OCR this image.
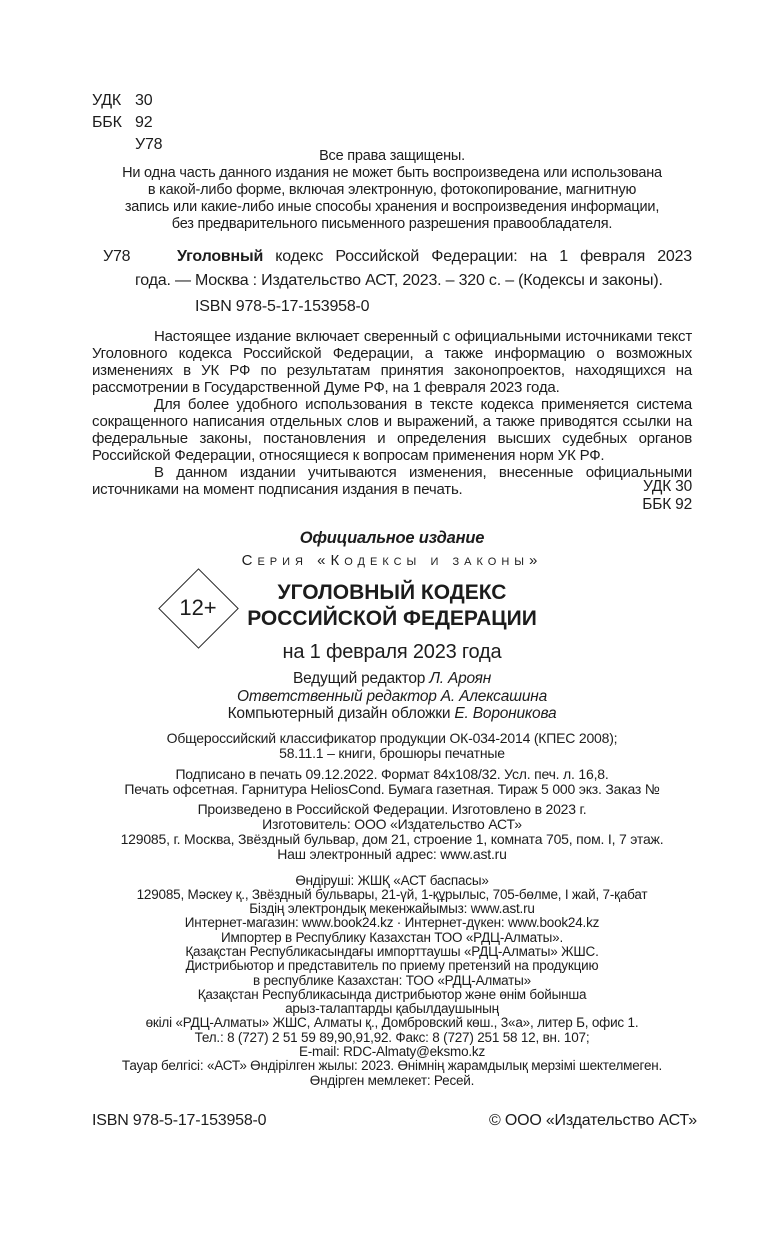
УДК 30
ББК 92
У78
Все права защищены.
Ни одна часть данного издания не может быть воспроизведена или использована
в какой-либо форме, включая электронную, фотокопирование, магнитную
запись или какие-либо иные способы хранения и воспроизведения информации,
без предварительного письменного разрешения правообладателя.
У78	Уголовный кодекс Российской Федерации: на 1 февраля 2023
года. — Москва : Издательство АСТ, 2023. – 320 с. – (Кодексы и законы).
ISBN 978-5-17-153958-0

Настоящее издание включает сверенный с официальными источниками текст Уголовного кодекса Российской Федерации, а также информацию о возможных изменениях в УК РФ по результатам принятия законопроектов, находящихся на рассмотрении в Государственной Думе РФ, на 1 февраля 2023 года.

Для более удобного использования в тексте кодекса применяется система сокращенного написания отдельных слов и выражений, а также приводятся ссылки на федеральные законы, постановления и определения высших судебных органов Российской Федерации, относящиеся к вопросам применения норм УК РФ.

В данном издании учитываются изменения, внесенные официальными источниками на момент подписания издания в печать.	УДК 30
ББК 92
Официальное издание
Серия «Кодексы и законы»
УГОЛОВНЫЙ КОДЕКС
РОССИЙСКОЙ ФЕДЕРАЦИИ
на 1 февраля 2023 года
12+
Ведущий редактор Л. Ароян
Ответственный редактор А. Алексашина
Компьютерный дизайн обложки Е. Вороникова
Общероссийский классификатор продукции ОК-034-2014 (КПЕС 2008);
58.11.1 – книги, брошюры печатные
Подписано в печать 09.12.2022. Формат 84х108/32. Усл. печ. л. 16,8.
Печать офсетная. Гарнитура HeliosCond. Бумага газетная. Тираж 5 000 экз. Заказ №
Произведено в Российской Федерации. Изготовлено в 2023 г.
Изготовитель: ООО «Издательство АСТ»
129085, г. Москва, Звёздный бульвар, дом 21, строение 1, комната 705, пом. I, 7 этаж.
Наш электронный адрес: www.ast.ru
Өндіруші: ЖШҚ «АСТ баспасы»
129085, Мәскеу қ., Звёздный бульвары, 21-үй, 1-құрылыс, 705-бөлме, I жай, 7-қабат
Біздің электрондық мекенжайымыз: www.ast.ru
Интернет-магазин: www.book24.kz · Интернет-дүкен: www.book24.kz
Импортер в Республику Казахстан ТОО «РДЦ-Алматы».
Қазақстан Республикасындағы импорттаушы «РДЦ-Алматы» ЖШС.
Дистрибьютор и представитель по приему претензий на продукцию
в республике Казахстан: ТОО «РДЦ-Алматы»
Қазақстан Республикасында дистрибьютор және өнім бойынша
арыз-талаптарды қабылдаушының
өкілі «РДЦ-Алматы» ЖШС, Алматы қ., Домбровский көш., 3«а», литер Б, офис 1.
Тел.: 8 (727) 2 51 59 89,90,91,92. Факс: 8 (727) 251 58 12, вн. 107;
E-mail: RDC-Almaty@eksmo.kz
Тауар белгісі: «АСТ» Өндірілген жылы: 2023. Өнімнің жарамдылық мерзімі шектелмеген.
Өндірген мемлекет: Ресей.
ISBN 978-5-17-153958-0	© ООО «Издательство АСТ»
